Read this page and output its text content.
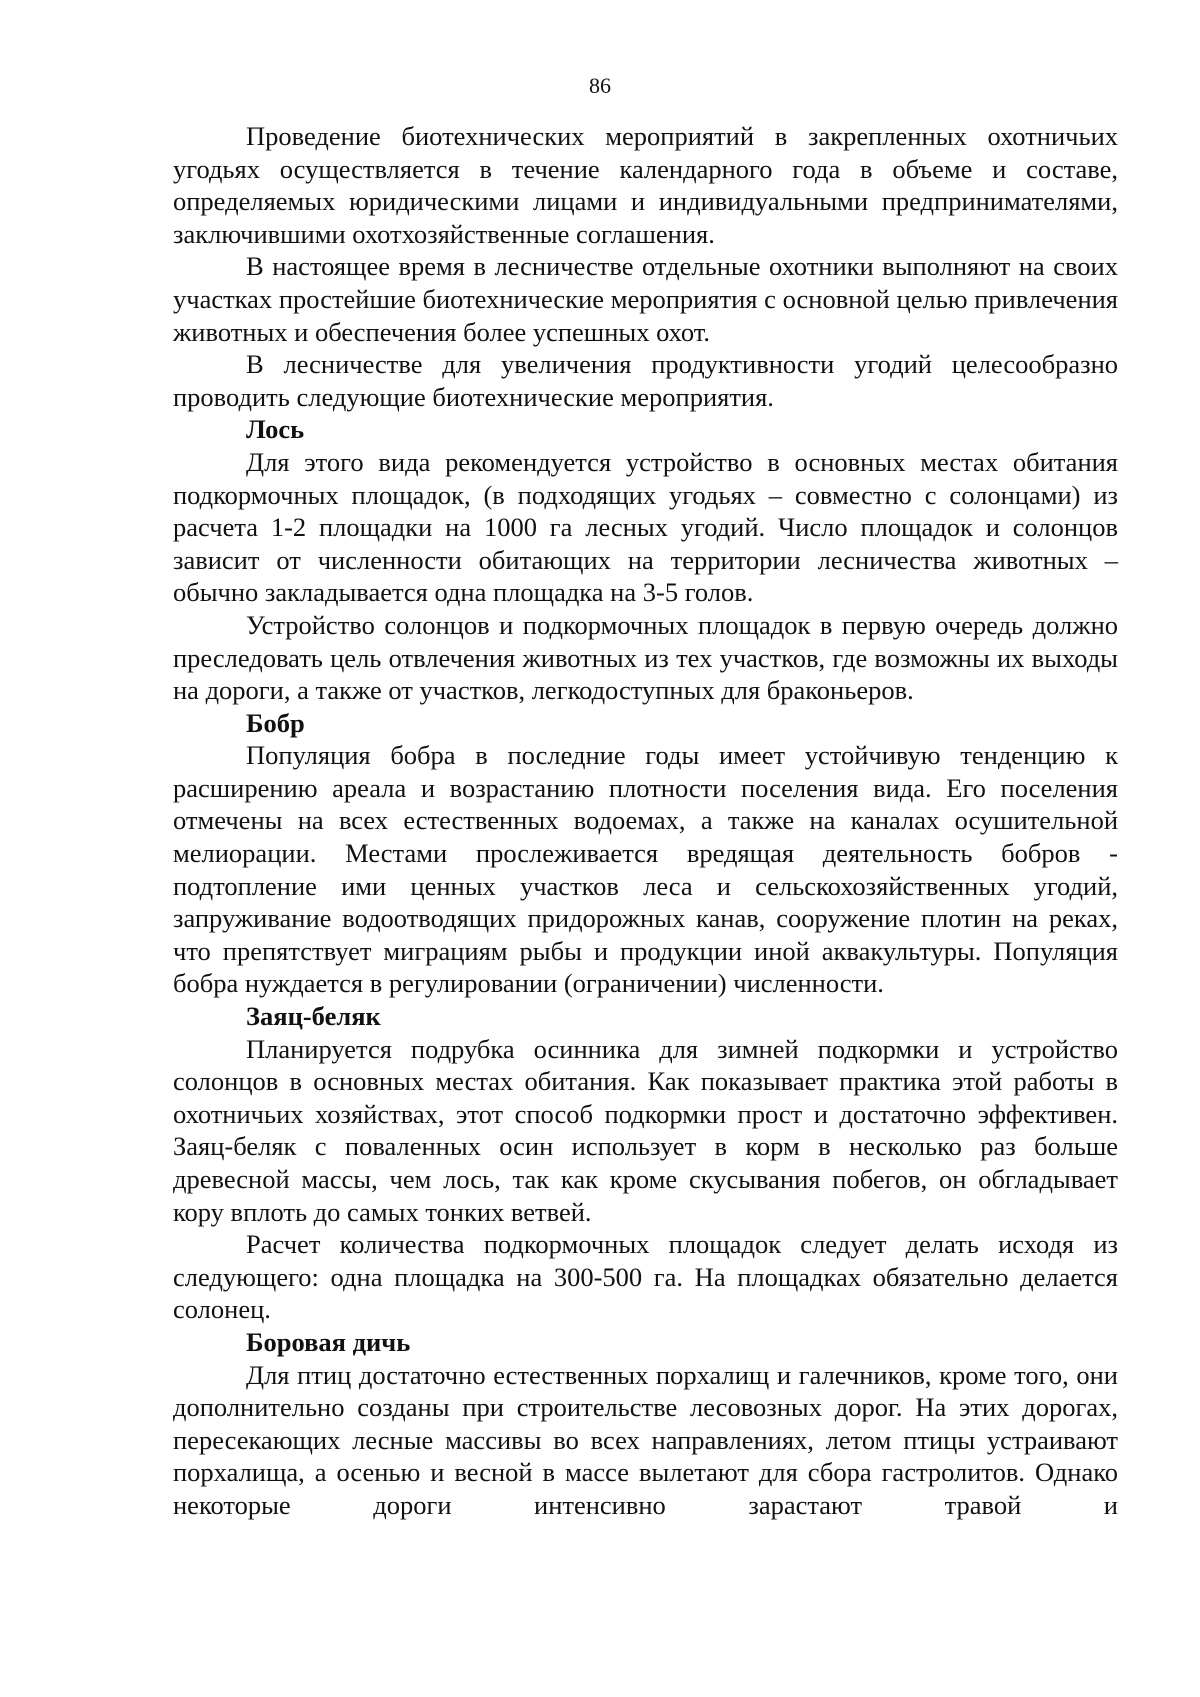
86

Проведение биотехнических мероприятий в закрепленных охотничьих угодьях осуществляется в течение календарного года в объеме и составе, определяемых юридическими лицами и индивидуальными предпринимателями, заключившими охотхозяйственные соглашения.

В настоящее время в лесничестве отдельные охотники выполняют на своих участках простейшие биотехнические мероприятия с основной целью привлечения животных и обеспечения более успешных охот.

В лесничестве для увеличения продуктивности угодий целесообразно проводить следующие биотехнические мероприятия.

Лось

Для этого вида рекомендуется устройство в основных местах обитания подкормочных площадок, (в подходящих угодьях – совместно с солонцами) из расчета 1-2 площадки на 1000 га лесных угодий. Число площадок и солонцов зависит от численности обитающих на территории лесничества животных – обычно закладывается одна площадка на 3-5 голов.

Устройство солонцов и подкормочных площадок в первую очередь должно преследовать цель отвлечения животных из тех участков, где возможны их выходы на дороги, а также от участков, легкодоступных для браконьеров.

Бобр

Популяция бобра в последние годы имеет устойчивую тенденцию к расширению ареала и возрастанию плотности поселения вида. Его поселения отмечены на всех естественных водоемах, а также на каналах осушительной мелиорации. Местами прослеживается вредящая деятельность бобров - подтопление ими ценных участков леса и сельскохозяйственных угодий, запруживание водоотводящих придорожных канав, сооружение плотин на реках, что препятствует миграциям рыбы и продукции иной аквакультуры. Популяция бобра нуждается в регулировании (ограничении) численности.

Заяц-беляк

Планируется подрубка осинника для зимней подкормки и устройство солонцов в основных местах обитания. Как показывает практика этой работы в охотничьих хозяйствах, этот способ подкормки прост и достаточно эффективен. Заяц-беляк с поваленных осин использует в корм в несколько раз больше древесной массы, чем лось, так как кроме скусывания побегов, он обгладывает кору вплоть до самых тонких ветвей.

Расчет количества подкормочных площадок следует делать исходя из следующего: одна площадка на 300-500 га. На площадках обязательно делается солонец.

Боровая дичь

Для птиц достаточно естественных порхалищ и галечников, кроме того, они дополнительно созданы при строительстве лесовозных дорог. На этих дорогах, пересекающих лесные массивы во всех направлениях, летом птицы устраивают порхалища, а осенью и весной в массе вылетают для сбора гастролитов. Однако некоторые дороги интенсивно зарастают травой и
